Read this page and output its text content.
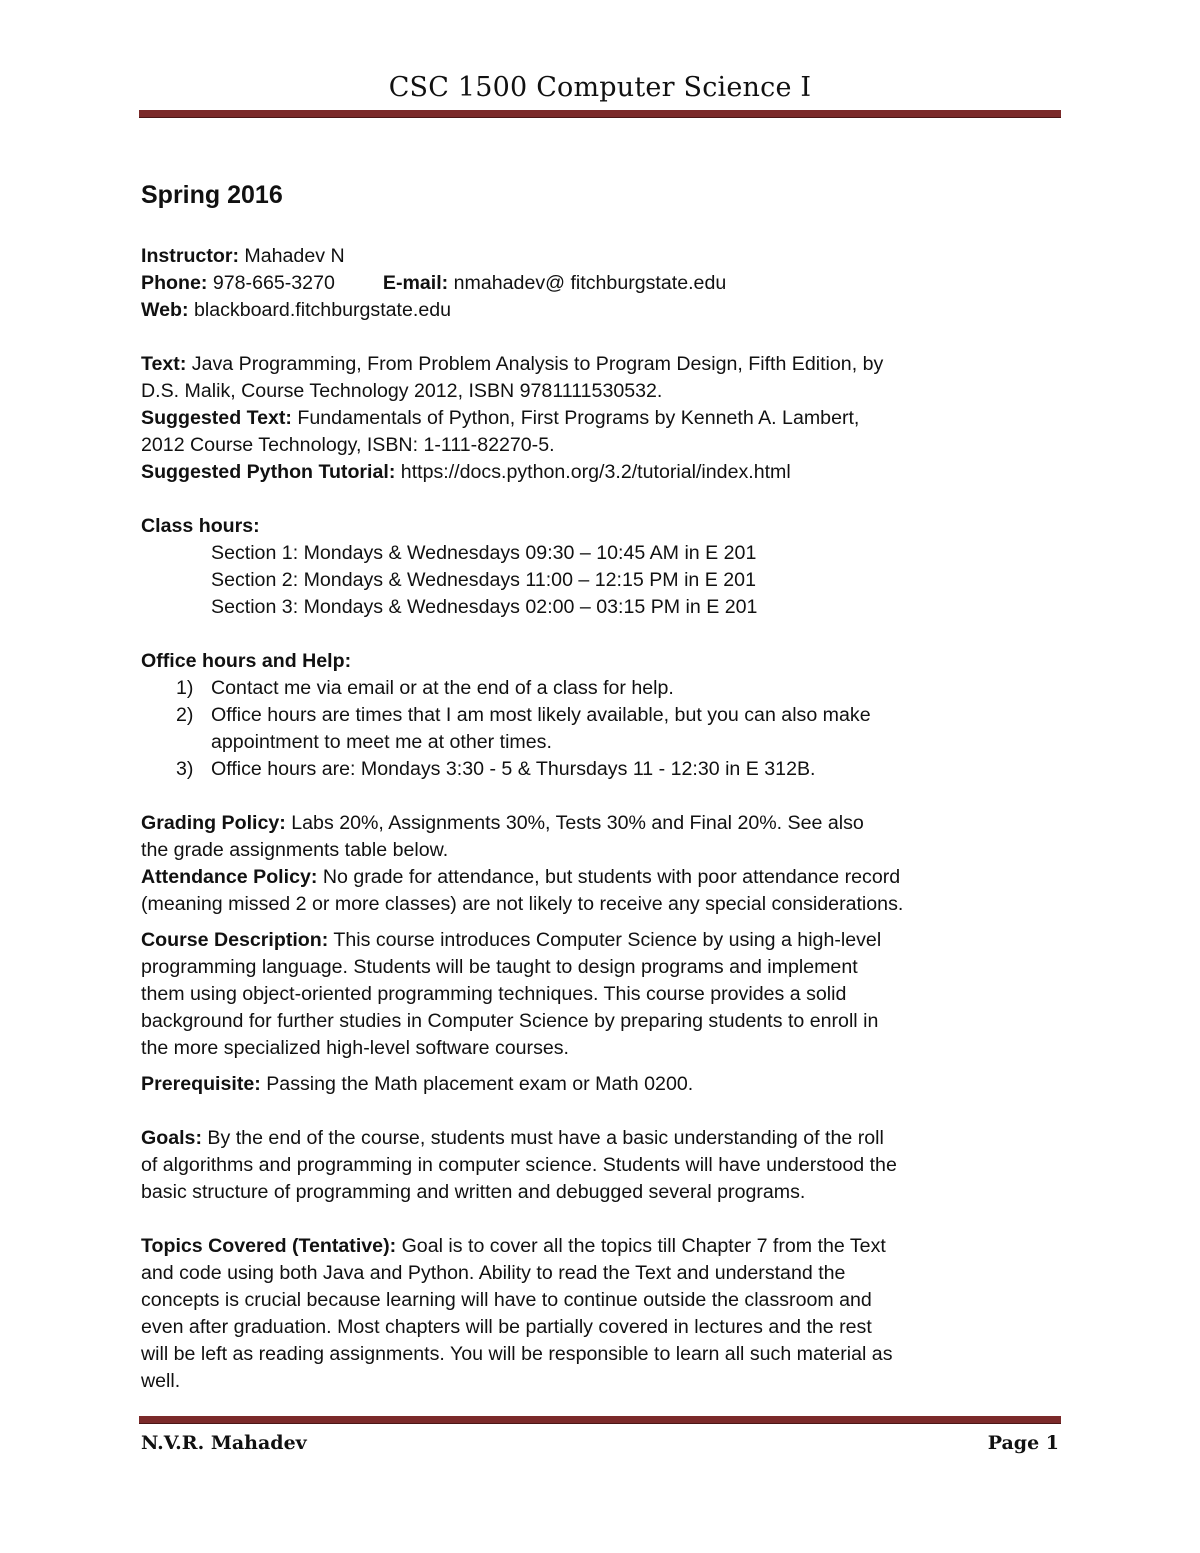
CSC 1500 Computer Science I
Spring 2016
Instructor: Mahadev N
Phone: 978-665-3270 E-mail: nmahadev@ fitchburgstate.edu
Web: blackboard.fitchburgstate.edu
Text: Java Programming, From Problem Analysis to Program Design, Fifth Edition, by
D.S. Malik, Course Technology 2012, ISBN 9781111530532.
Suggested Text: Fundamentals of Python, First Programs by Kenneth A. Lambert,
2012 Course Technology, ISBN: 1-111-82270-5.
Suggested Python Tutorial: https://docs.python.org/3.2/tutorial/index.html
Class hours:
Section 1: Mondays & Wednesdays 09:30 – 10:45 AM in E 201
Section 2: Mondays & Wednesdays 11:00 – 12:15 PM in E 201
Section 3: Mondays & Wednesdays 02:00 – 03:15 PM in E 201
Office hours and Help:
1) Contact me via email or at the end of a class for help.
2) Office hours are times that I am most likely available, but you can also make
appointment to meet me at other times.
3) Office hours are: Mondays 3:30 - 5 & Thursdays 11 - 12:30 in E 312B.
Grading Policy: Labs 20%, Assignments 30%, Tests 30% and Final 20%. See also
the grade assignments table below.
Attendance Policy: No grade for attendance, but students with poor attendance record
(meaning missed 2 or more classes) are not likely to receive any special considerations.
Course Description: This course introduces Computer Science by using a high-level
programming language. Students will be taught to design programs and implement
them using object-oriented programming techniques. This course provides a solid
background for further studies in Computer Science by preparing students to enroll in
the more specialized high-level software courses.
Prerequisite: Passing the Math placement exam or Math 0200.
Goals: By the end of the course, students must have a basic understanding of the roll
of algorithms and programming in computer science. Students will have understood the
basic structure of programming and written and debugged several programs.
Topics Covered (Tentative): Goal is to cover all the topics till Chapter 7 from the Text
and code using both Java and Python. Ability to read the Text and understand the
concepts is crucial because learning will have to continue outside the classroom and
even after graduation. Most chapters will be partially covered in lectures and the rest
will be left as reading assignments. You will be responsible to learn all such material as
well.
N.V.R. Mahadev	Page 1
